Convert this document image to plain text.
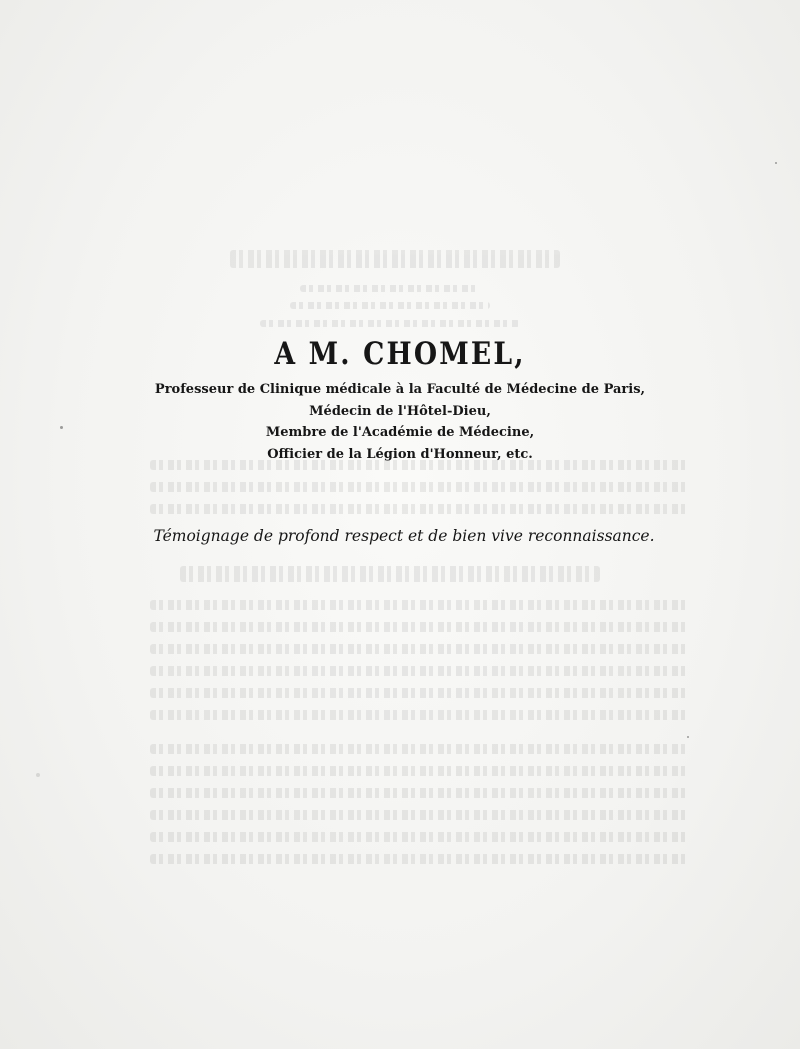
A M. CHOMEL,
Professeur de Clinique médicale à la Faculté de Médecine de Paris,
Médecin de l'Hôtel-Dieu,
Membre de l'Académie de Médecine,
Officier de la Légion d'Honneur, etc.
Témoignage de profond respect et de bien vive reconnaissance.
